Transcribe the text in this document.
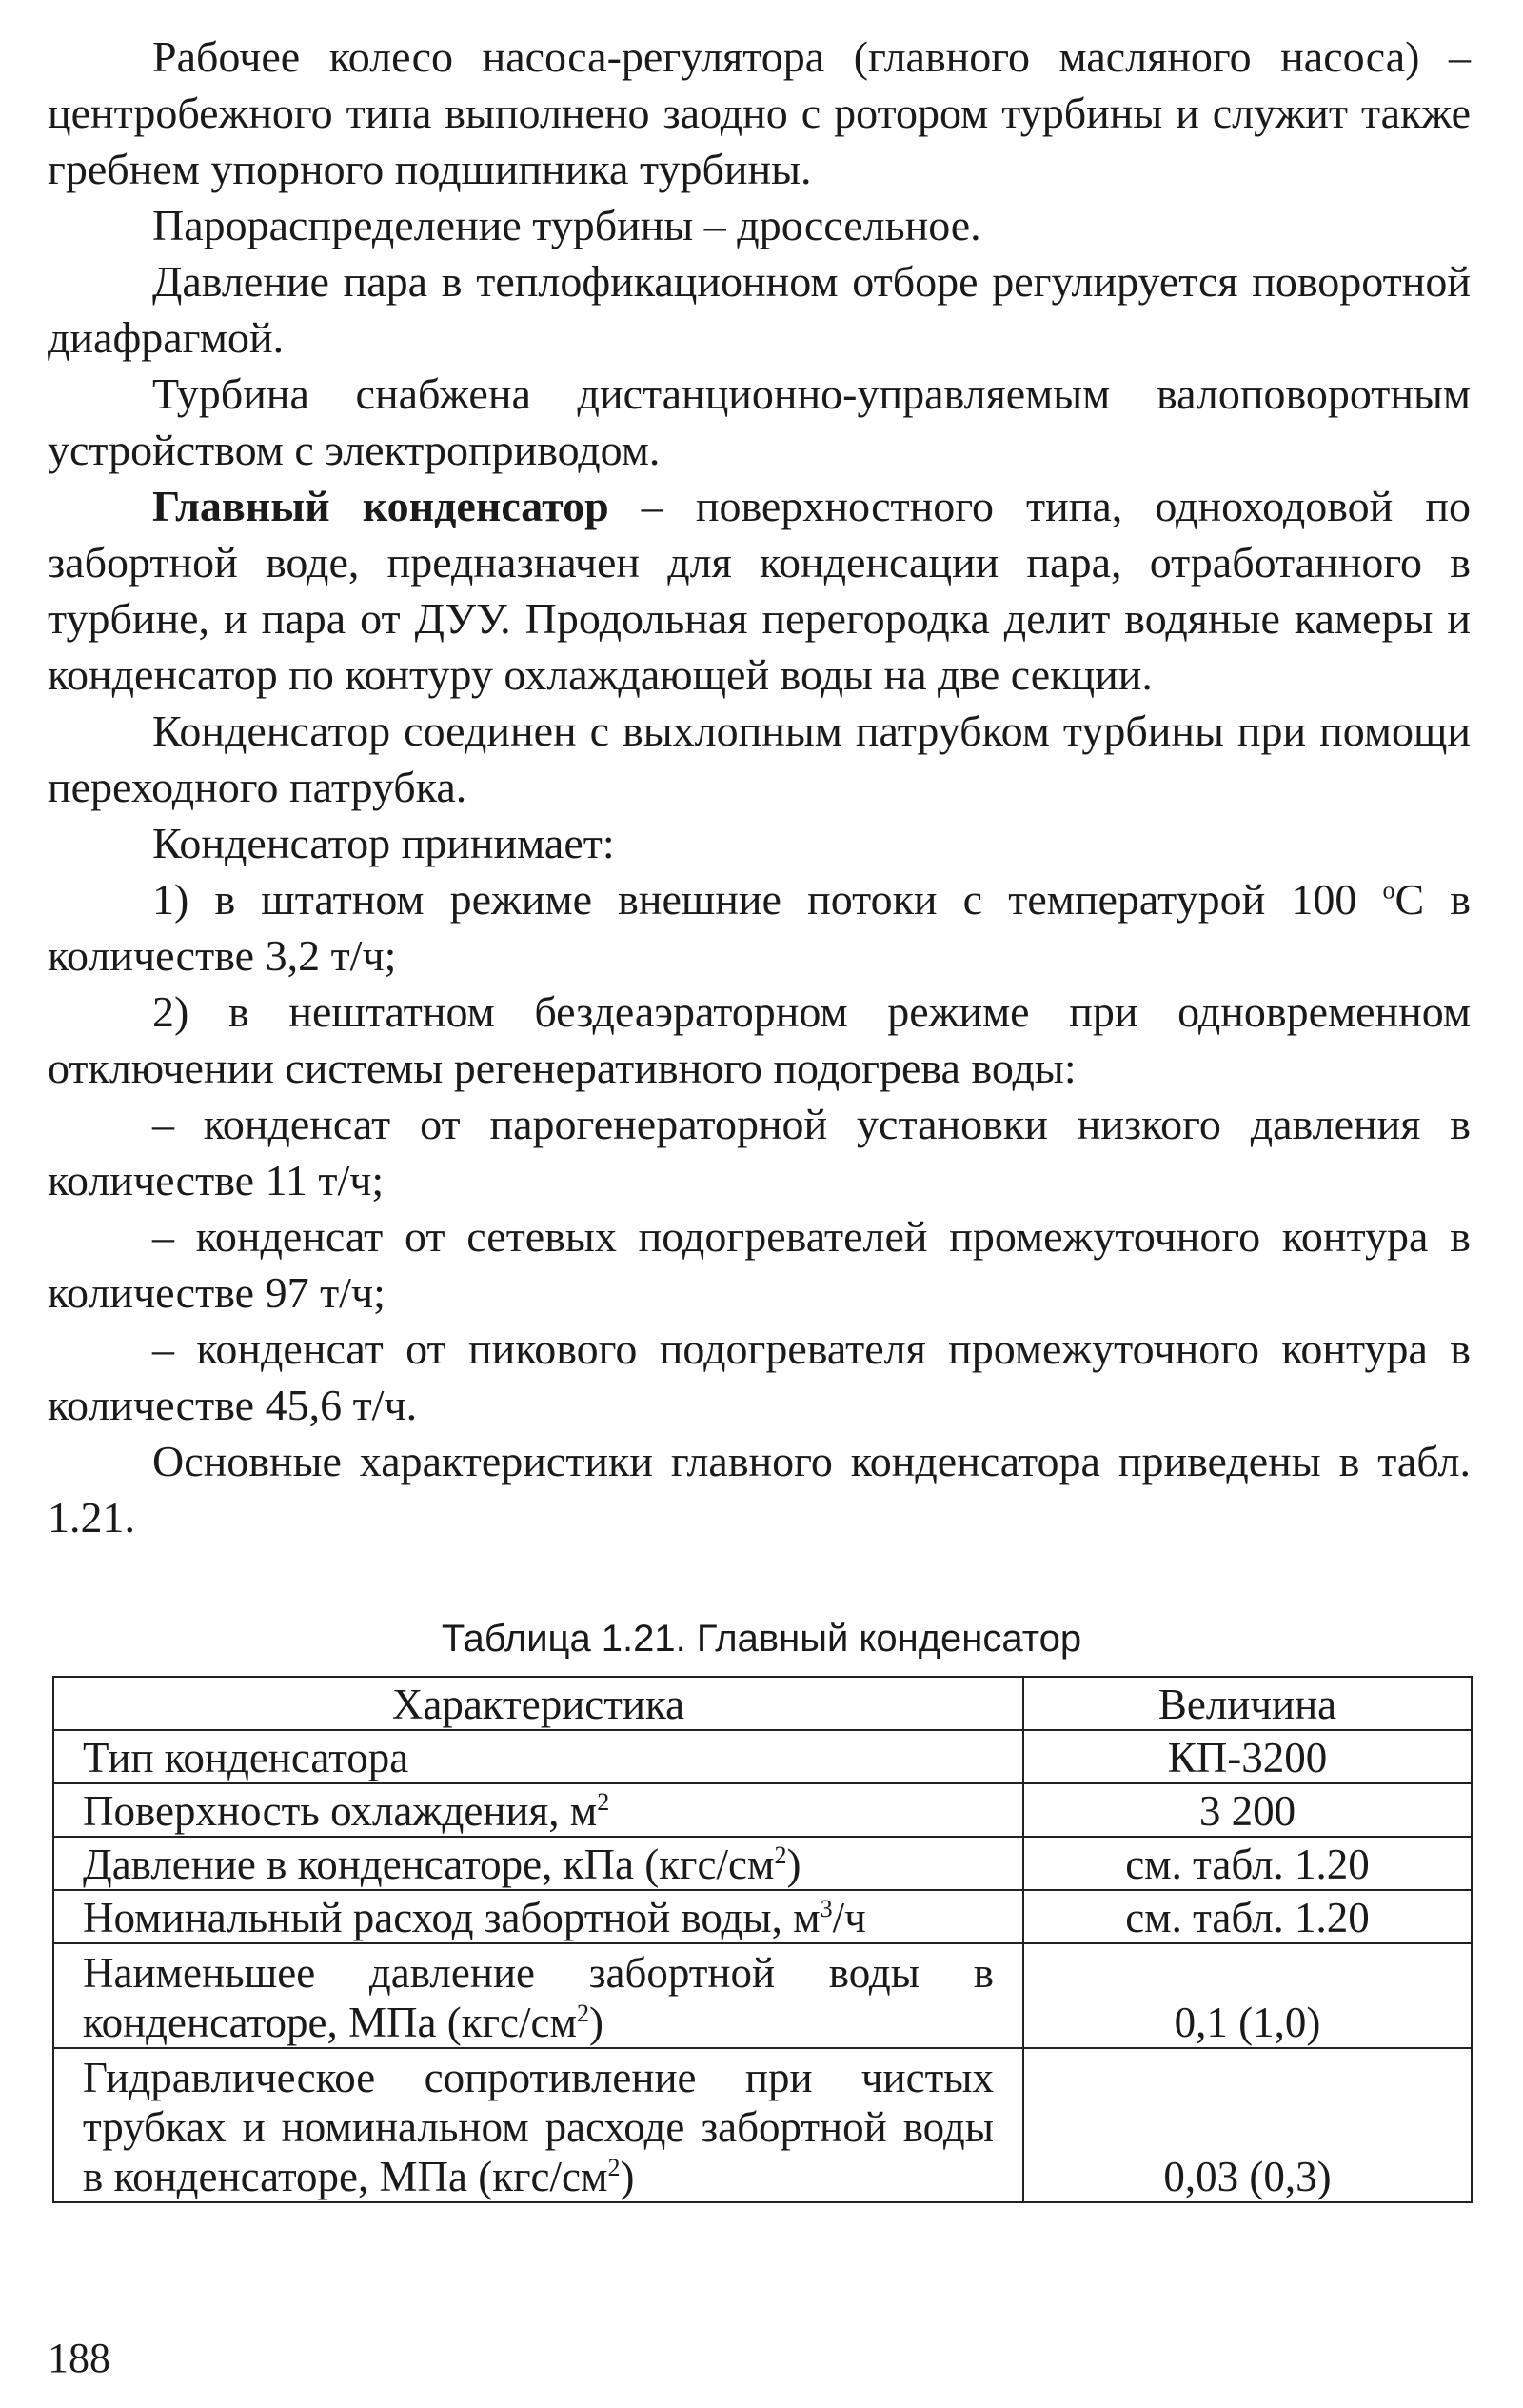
Рабочее колесо насоса-регулятора (главного масляного насоса) – центробежного типа выполнено заодно с ротором турбины и служит также гребнем упорного подшипника турбины.

Парораспределение турбины – дроссельное.

Давление пара в теплофикационном отборе регулируется поворотной диафрагмой.

Турбина снабжена дистанционно-управляемым валоповоротным устройством с электроприводом.

Главный конденсатор – поверхностного типа, одноходовой по забортной воде, предназначен для конденсации пара, отработанного в турбине, и пара от ДУУ. Продольная перегородка делит водяные камеры и конденсатор по контуру охлаждающей воды на две секции.

Конденсатор соединен с выхлопным патрубком турбины при помощи переходного патрубка.

Конденсатор принимает:

1) в штатном режиме внешние потоки с температурой 100 $^o$С в количестве 3,2 т/ч;

2) в нештатном бездеаэраторном режиме при одновременном отключении системы регенеративного подогрева воды:

– конденсат от парогенераторной установки низкого давления в количестве 11 т/ч;

– конденсат от сетевых подогревателей промежуточного контура в количестве 97 т/ч;

– конденсат от пикового подогревателя промежуточного контура в количестве 45,6 т/ч.

Основные характеристики главного конденсатора приведены в табл. 1.21.

Таблица 1.21. Главный конденсатор
Характеристика	Величина
Тип конденсатора	КП-3200
Поверхность охлаждения, $м^2$	3 200
Давление в конденсаторе, кПа $(кгс/см^2)$	см. табл. 1.20
Номинальный расход забортной воды, $м^3/ч$	см. табл. 1.20
Наименьшее давление забортной воды в конденсаторе, МПа $(кгс/см^2)$	0,1 (1,0)
Гидравлическое сопротивление при чистых трубках и номинальном расходе забортной воды в конденсаторе, МПа $(кгс/см^2)$	0,03 (0,3)
188
